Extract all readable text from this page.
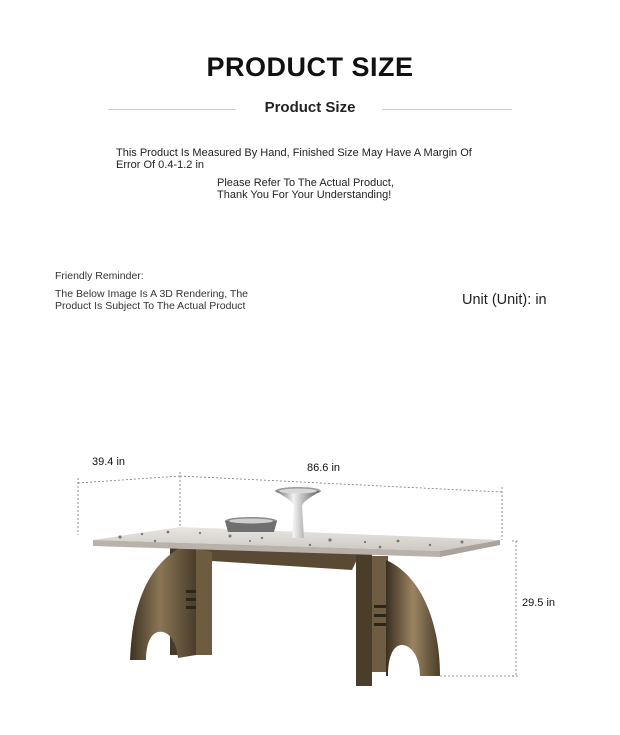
PRODUCT SIZE
Product Size
This Product Is Measured By Hand, Finished Size May Have A Margin Of
Error Of 0.4-1.2 in
Please Refer To The Actual Product,
Thank You For Your Understanding!
Friendly Reminder:
The Below Image Is A 3D Rendering, The
Product Is Subject To The Actual Product	Unit (Unit): in
39.4 in	86.6 in
29.5 in
